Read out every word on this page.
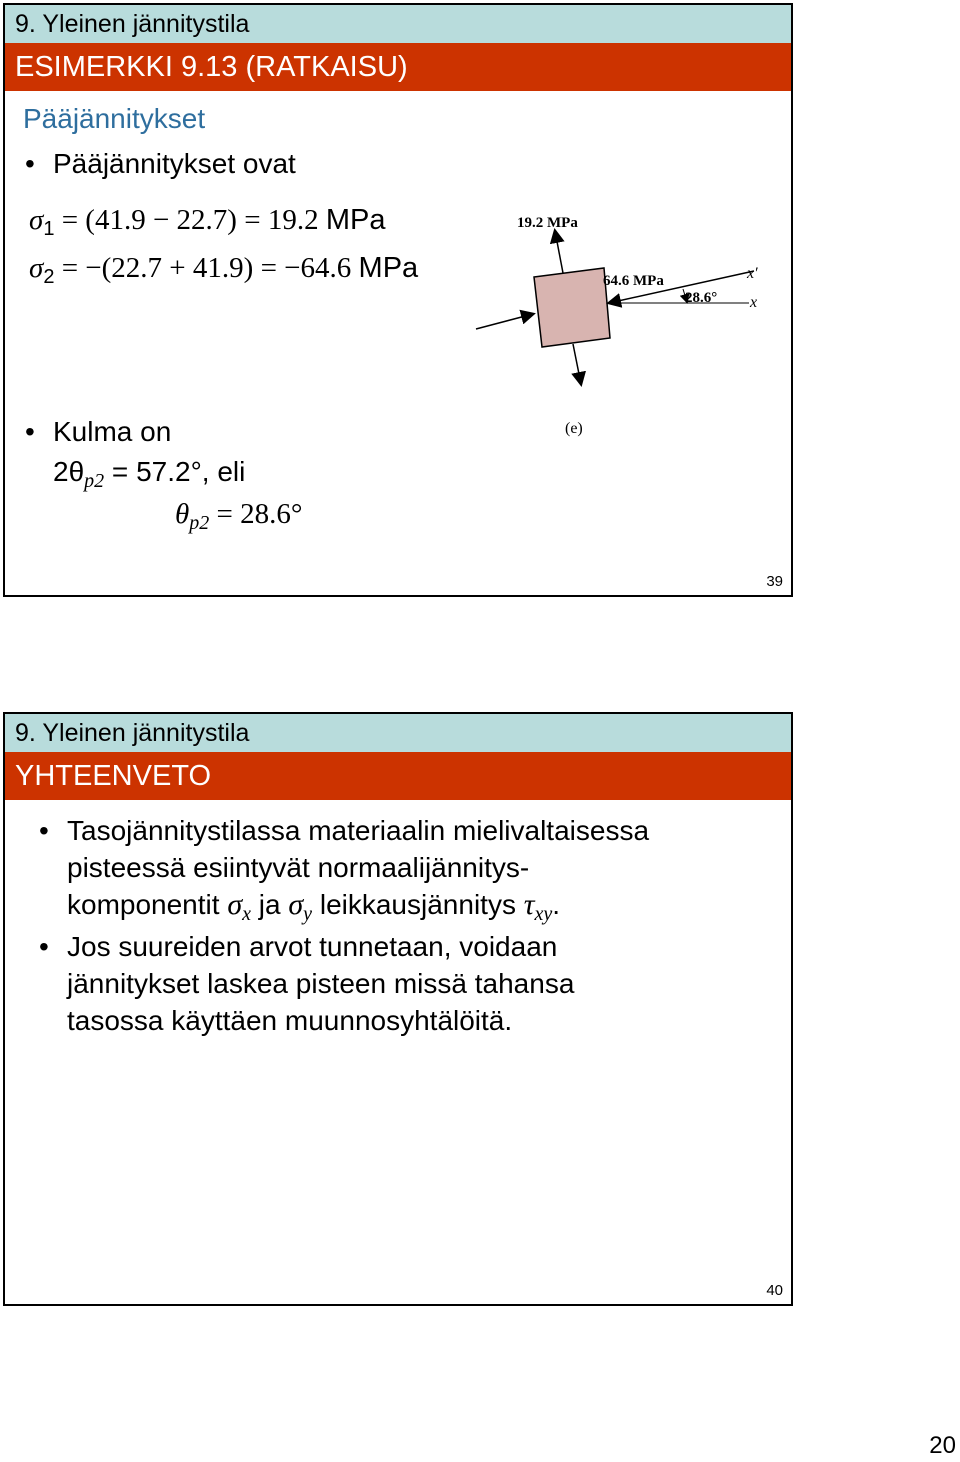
9. Yleinen jännitystila
ESIMERKKI 9.13 (RATKAISU)
Pääjännitykset
• Pääjännitykset ovat
$\sigma_1 = (41.9 - 22.7) = 19.2$ MPa
$\sigma_2 = -(22.7 + 41.9) = -64.6$ MPa
• Kulma on
$2\theta_{p2} = 57.2^\circ$, eli
$\theta_{p2} = 28.6^\circ$
19.2 MPa
64.6 MPa
28.6°
x′
x
(e)
39
9. Yleinen jännitystila
YHTEENVETO
• Tasojännitystilassa materiaalin mielivaltaisessa
pisteessä esiintyvät normaalijännitys-
komponentit $\sigma_x$ ja $\sigma_y$ leikkausjännitys $\tau_{xy}$.
• Jos suureiden arvot tunnetaan, voidaan
jännitykset laskea pisteen missä tahansa
tasossa käyttäen muunnosyhtälöitä.
40
20
